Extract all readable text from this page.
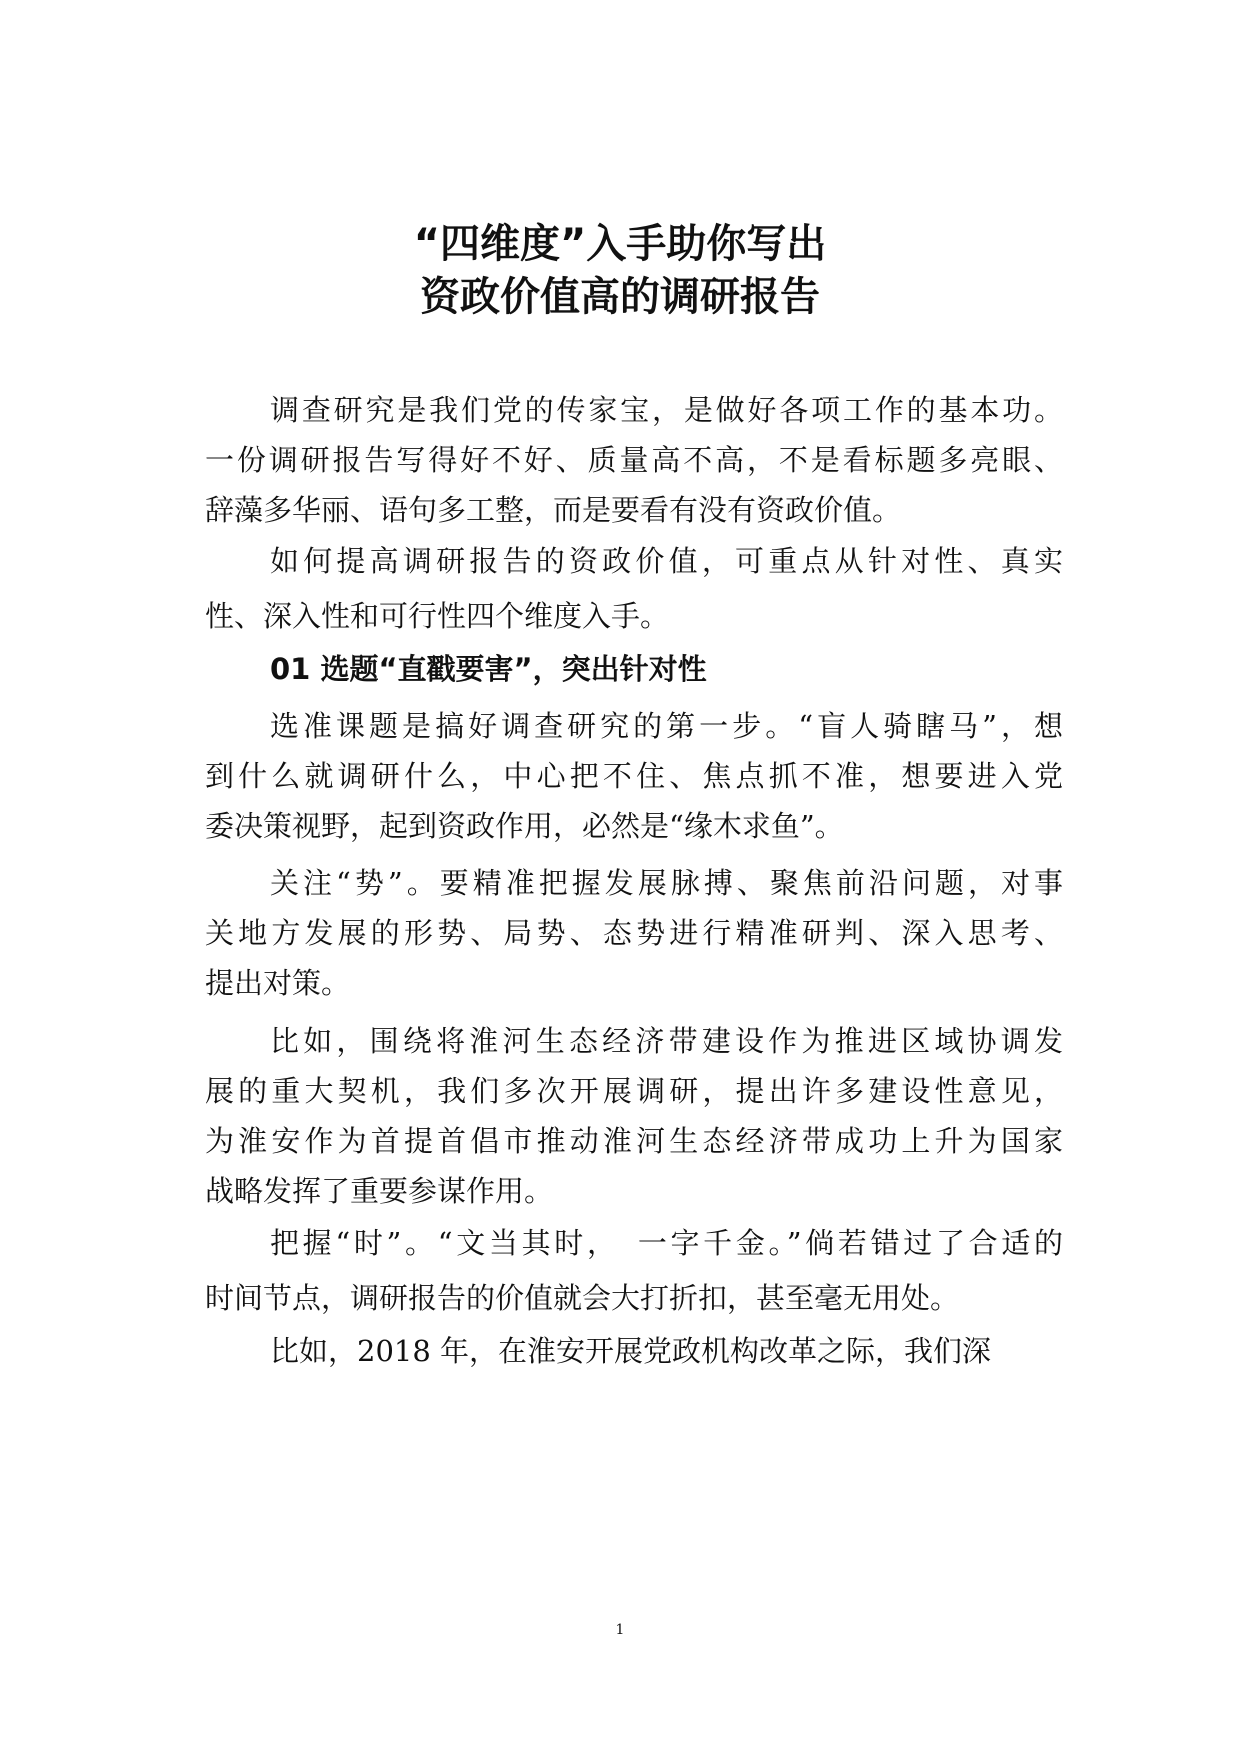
“四维度”入手助你写出
资政价值高的调研报告
调查研究是我们党的传家宝，是做好各项工作的基本功。
一份调研报告写得好不好、质量高不高，不是看标题多亮眼、
辞藻多华丽、语句多工整，而是要看有没有资政价值。
如何提高调研报告的资政价值，可重点从针对性、真实
性、深入性和可行性四个维度入手。
01 选题“直戳要害”，突出针对性
选准课题是搞好调查研究的第一步。“盲人骑瞎马”，想
到什么就调研什么，中心把不住、焦点抓不准，想要进入党
委决策视野，起到资政作用，必然是“缘木求鱼”。
关注“势”。要精准把握发展脉搏、聚焦前沿问题，对事
关地方发展的形势、局势、态势进行精准研判、深入思考、
提出对策。
比如，围绕将淮河生态经济带建设作为推进区域协调发
展的重大契机，我们多次开展调研，提出许多建设性意见，
为淮安作为首提首倡市推动淮河生态经济带成功上升为国家
战略发挥了重要参谋作用。
把握“时”。“文当其时，　一字千金。”倘若错过了合适的
时间节点，调研报告的价值就会大打折扣，甚至毫无用处。
比如，2018 年，在淮安开展党政机构改革之际，我们深
1
